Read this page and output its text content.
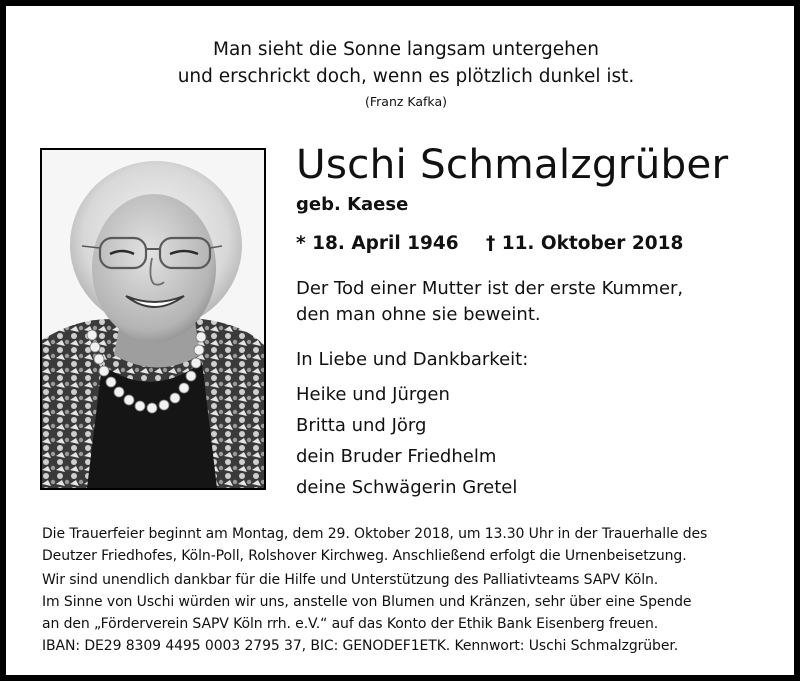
Man sieht die Sonne langsam untergehen
und erschrickt doch, wenn es plötzlich dunkel ist.
(Franz Kafka)
Uschi Schmalzgrüber
geb. Kaese
* 18. April 1946 † 11. Oktober 2018
Der Tod einer Mutter ist der erste Kummer,
den man ohne sie beweint.
In Liebe und Dankbarkeit:
Heike und Jürgen
Britta und Jörg
dein Bruder Friedhelm
deine Schwägerin Gretel
Die Trauerfeier beginnt am Montag, dem 29. Oktober 2018, um 13.30 Uhr in der Trauerhalle des
Deutzer Friedhofes, Köln-Poll, Rolshover Kirchweg. Anschließend erfolgt die Urnenbeisetzung.
Wir sind unendlich dankbar für die Hilfe und Unterstützung des Palliativteams SAPV Köln.
Im Sinne von Uschi würden wir uns, anstelle von Blumen und Kränzen, sehr über eine Spende
an den „Förderverein SAPV Köln rrh. e.V.“ auf das Konto der Ethik Bank Eisenberg freuen.
IBAN: DE29 8309 4495 0003 2795 37, BIC: GENODEF1ETK. Kennwort: Uschi Schmalzgrüber.
